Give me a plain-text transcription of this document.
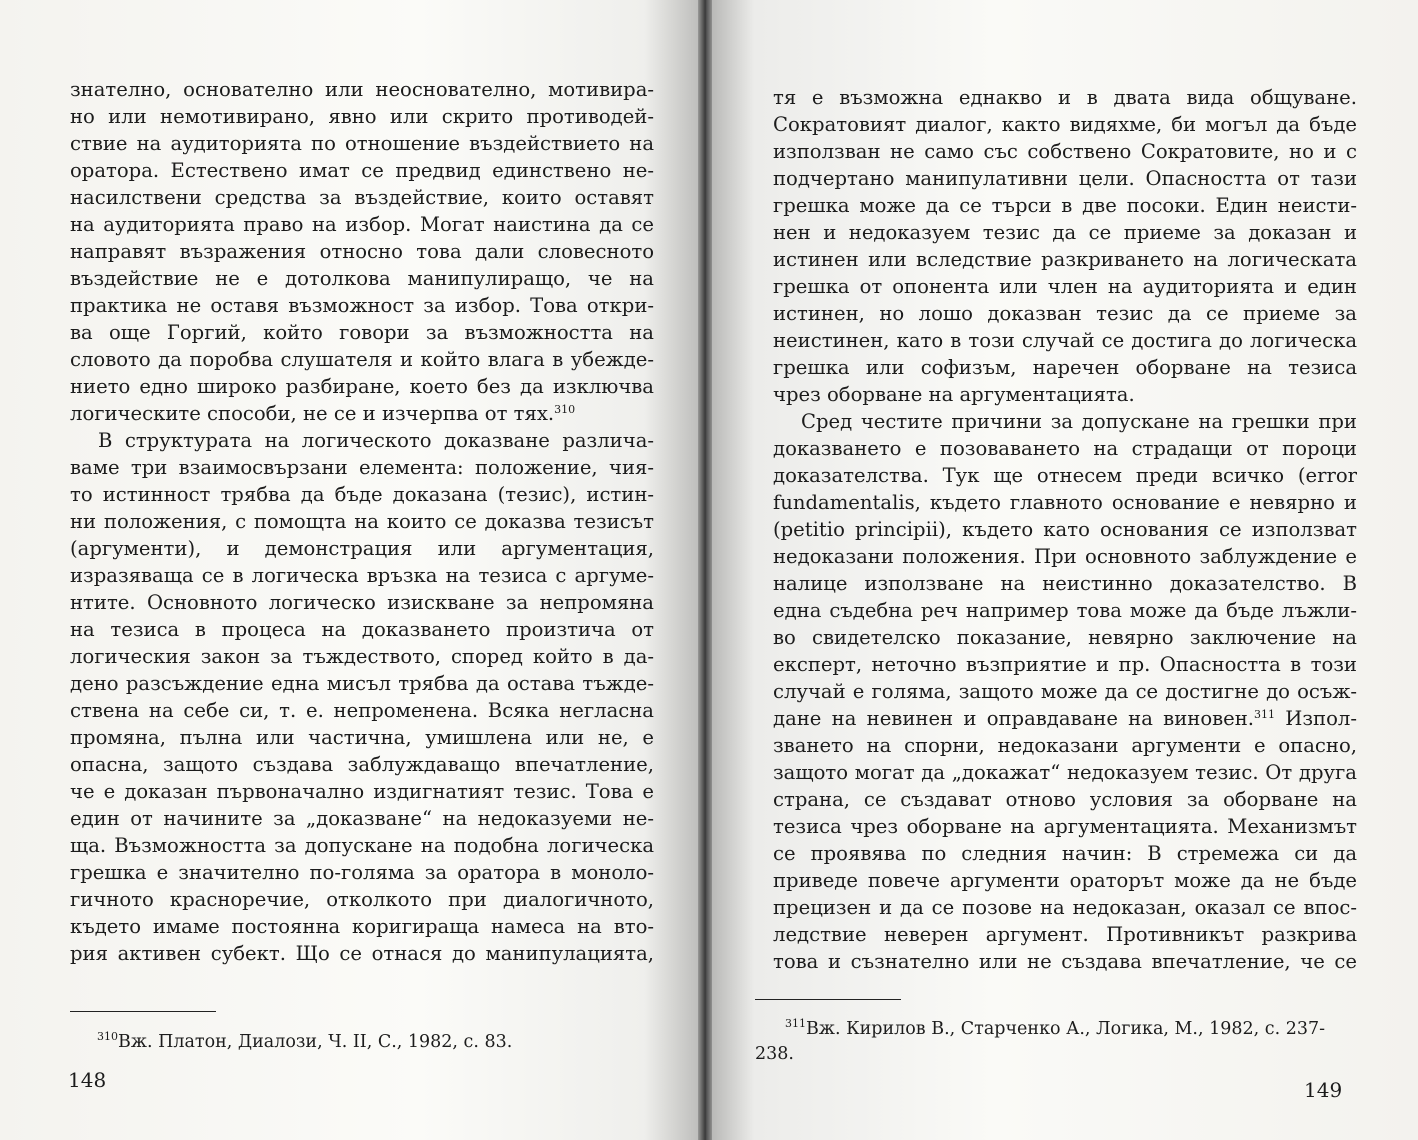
знателно, основателно или неоснователно, мотивира-
но или немотивирано, явно или скрито противодей-
ствие на аудиторията по отношение въздействието на
оратора. Естествено имат се предвид единствено не-
насилствени средства за въздействие, които оставят
на аудиторията право на избор. Могат наистина да се
направят възражения относно това дали словесното
въздействие не е дотолкова манипулиращо, че на
практика не оставя възможност за избор. Това откри-
ва още Горгий, който говори за възможността на
словото да поробва слушателя и който влага в убежде-
нието едно широко разбиране, което без да изключва
логическите способи, не се и изчерпва от тях.$^{310}$
В структурата на логическото доказване различа-
ваме три взаимосвързани елемента: положение, чия-
то истинност трябва да бъде доказана (тезис), истин-
ни положения, с помощта на които се доказва тезисът
(аргументи), и демонстрация или аргументация,
изразяваща се в логическа връзка на тезиса с аргуме-
нтите. Основното логическо изискване за непромяна
на тезиса в процеса на доказването произтича от
логическия закон за тъждеството, според който в да-
дено разсъждение една мисъл трябва да остава тъжде-
ствена на себе си, т. е. непроменена. Всяка негласна
промяна, пълна или частична, умишлена или не, е
опасна, защото създава заблуждаващо впечатление,
че е доказан първоначално издигнатият тезис. Това е
един от начините за „доказване“ на недоказуеми не-
ща. Възможността за допускане на подобна логическа
грешка е значително по-голяма за оратора в моноло-
гичното красноречие, отколкото при диалогичното,
където имаме постоянна коригираща намеса на вто-
рия активен субект. Що се отнася до манипулацията,
$^{310}$Вж. Платон, Диалози, Ч. II, С., 1982, с. 83.
148
тя е възможна еднакво и в двата вида общуване.
Сократовият диалог, както видяхме, би могъл да бъде
използван не само със собствено Сократовите, но и с
подчертано манипулативни цели. Опасността от тази
грешка може да се търси в две посоки. Един неисти-
нен и недоказуем тезис да се приеме за доказан и
истинен или вследствие разкриването на логическата
грешка от опонента или член на аудиторията и един
истинен, но лошо доказван тезис да се приеме за
неистинен, като в този случай се достига до логическа
грешка или софизъм, наречен оборване на тезиса
чрез оборване на аргументацията.
Сред честите причини за допускане на грешки при
доказването е позоваването на страдащи от пороци
доказателства. Тук ще отнесем преди всичко (error
fundamentalis, където главното основание е невярно и
(petitio principii), където като основания се използват
недоказани положения. При основното заблуждение е
налице използване на неистинно доказателство. В
една съдебна реч например това може да бъде лъжли-
во свидетелско показание, невярно заключение на
експерт, неточно възприятие и пр. Опасността в този
случай е голяма, защото може да се достигне до осъж-
дане на невинен и оправдаване на виновен.$^{311}$ Изпол-
зването на спорни, недоказани аргументи е опасно,
защото могат да „докажат“ недоказуем тезис. От друга
страна, се създават отново условия за оборване на
тезиса чрез оборване на аргументацията. Механизмът
се проявява по следния начин: В стремежа си да
приведе повече аргументи ораторът може да не бъде
прецизен и да се позове на недоказан, оказал се впос-
ледствие неверен аргумент. Противникът разкрива
това и съзнателно или не създава впечатление, че се
$^{311}$Вж. Кирилов В., Старченко А., Логика, М., 1982, с. 237-
238.
149
